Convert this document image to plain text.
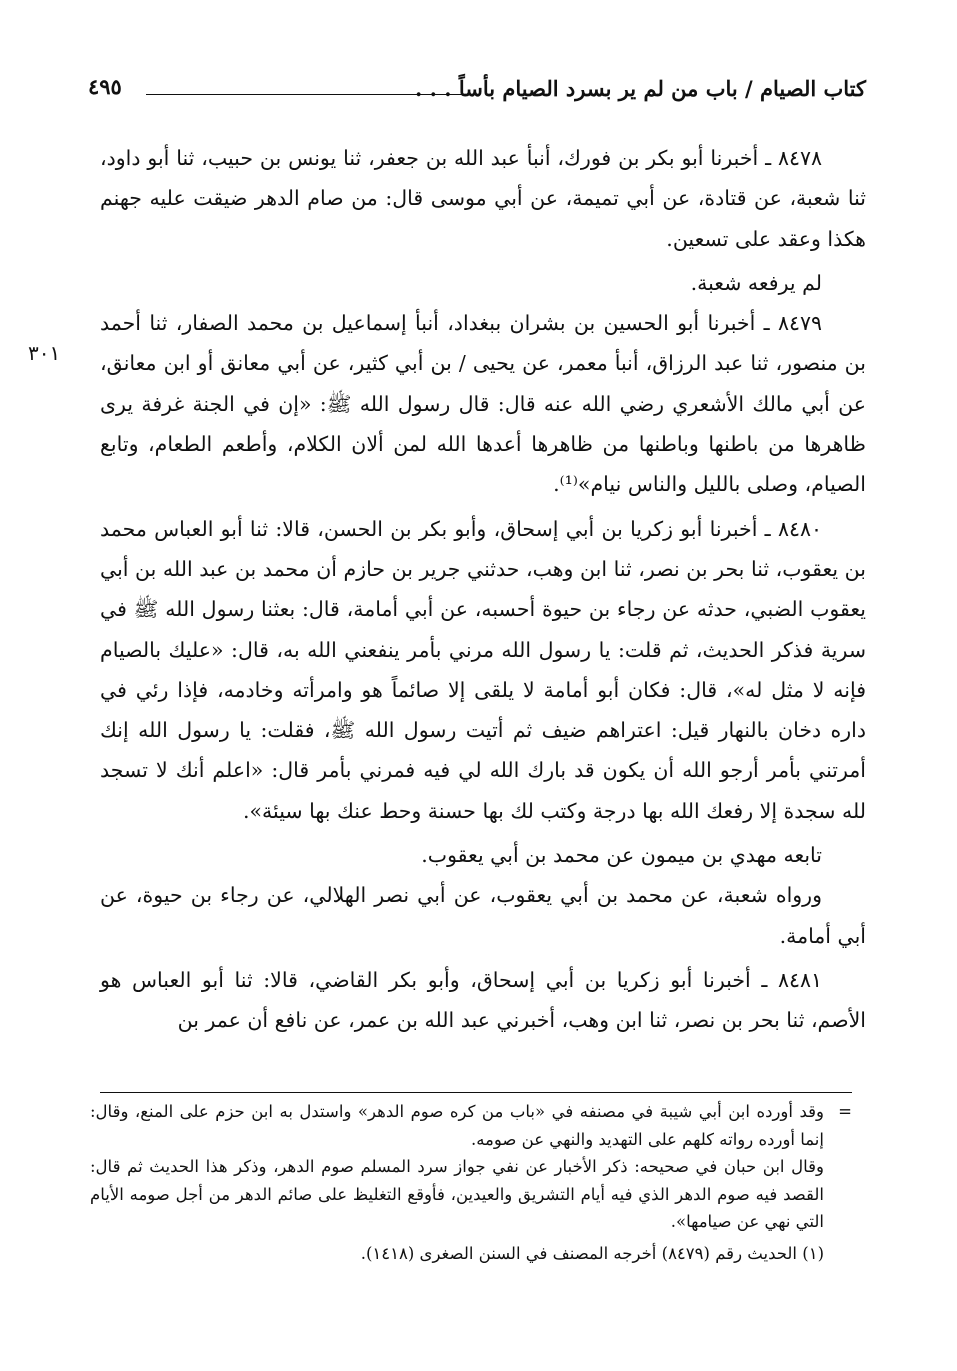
كتاب الصيام / باب من لم ير بسرد الصيام بأساً . . .
٤٩٥
٣٠١

٨٤٧٨ ـ أخبرنا أبو بكر بن فورك، أنبأ عبد الله بن جعفر، ثنا يونس بن حبيب، ثنا أبو داود، ثنا شعبة، عن قتادة، عن أبي تميمة، عن أبي موسى قال: من صام الدهر ضيقت عليه جهنم هكذا وعقد على تسعين.

لم يرفعه شعبة.

٨٤٧٩ ـ أخبرنا أبو الحسين بن بشران ببغداد، أنبأ إسماعيل بن محمد الصفار، ثنا أحمد بن منصور، ثنا عبد الرزاق، أنبأ معمر، عن يحيى / بن أبي كثير، عن أبي معانق أو ابن معانق، عن أبي مالك الأشعري رضي الله عنه قال: قال رسول الله ﷺ: «إن في الجنة غرفة يرى ظاهرها من باطنها وباطنها من ظاهرها أعدها الله لمن ألان الكلام، وأطعم الطعام، وتابع الصيام، وصلى بالليل والناس نيام»⁽¹⁾.

٨٤٨٠ ـ أخبرنا أبو زكريا بن أبي إسحاق، وأبو بكر بن الحسن، قالا: ثنا أبو العباس محمد بن يعقوب، ثنا بحر بن نصر، ثنا ابن وهب، حدثني جرير بن حازم أن محمد بن عبد الله بن أبي يعقوب الضبي، حدثه عن رجاء بن حيوة أحسبه، عن أبي أمامة، قال: بعثنا رسول الله ﷺ في سرية فذكر الحديث، ثم قلت: يا رسول الله مرني بأمر ينفعني الله به، قال: «عليك بالصيام فإنه لا مثل له»، قال: فكان أبو أمامة لا يلقى إلا صائماً هو وامرأته وخادمه، فإذا رئي في داره دخان بالنهار قيل: اعتراهم ضيف ثم أتيت رسول الله ﷺ، فقلت: يا رسول الله إنك أمرتني بأمر أرجو الله أن يكون قد بارك الله لي فيه فمرني بأمر قال: «اعلم أنك لا تسجد لله سجدة إلا رفعك الله بها درجة وكتب لك بها حسنة وحط عنك بها سيئة».

تابعه مهدي بن ميمون عن محمد بن أبي يعقوب.

ورواه شعبة، عن محمد بن أبي يعقوب، عن أبي نصر الهلالي، عن رجاء بن حيوة، عن أبي أمامة.

٨٤٨١ ـ أخبرنا أبو زكريا بن أبي إسحاق، وأبو بكر القاضي، قالا: ثنا أبو العباس هو الأصم، ثنا بحر بن نصر، ثنا ابن وهب، أخبرني عبد الله بن عمر، عن نافع أن عمر بن

=
وقد أورده ابن أبي شيبة في مصنفه في «باب من كره صوم الدهر» واستدل به ابن حزم على المنع، وقال: إنما أورده رواته كلهم على التهديد والنهي عن صومه.

وقال ابن حبان في صحيحه: ذكر الأخبار عن نفي جواز سرد المسلم صوم الدهر، وذكر هذا الحديث ثم قال: القصد فيه صوم الدهر الذي فيه أيام التشريق والعيدين، فأوقع التغليظ على صائم الدهر من أجل صومه الأيام التي نهي عن صيامها».

(١) الحديث رقم (٨٤٧٩) أخرجه المصنف في السنن الصغرى (١٤١٨).
